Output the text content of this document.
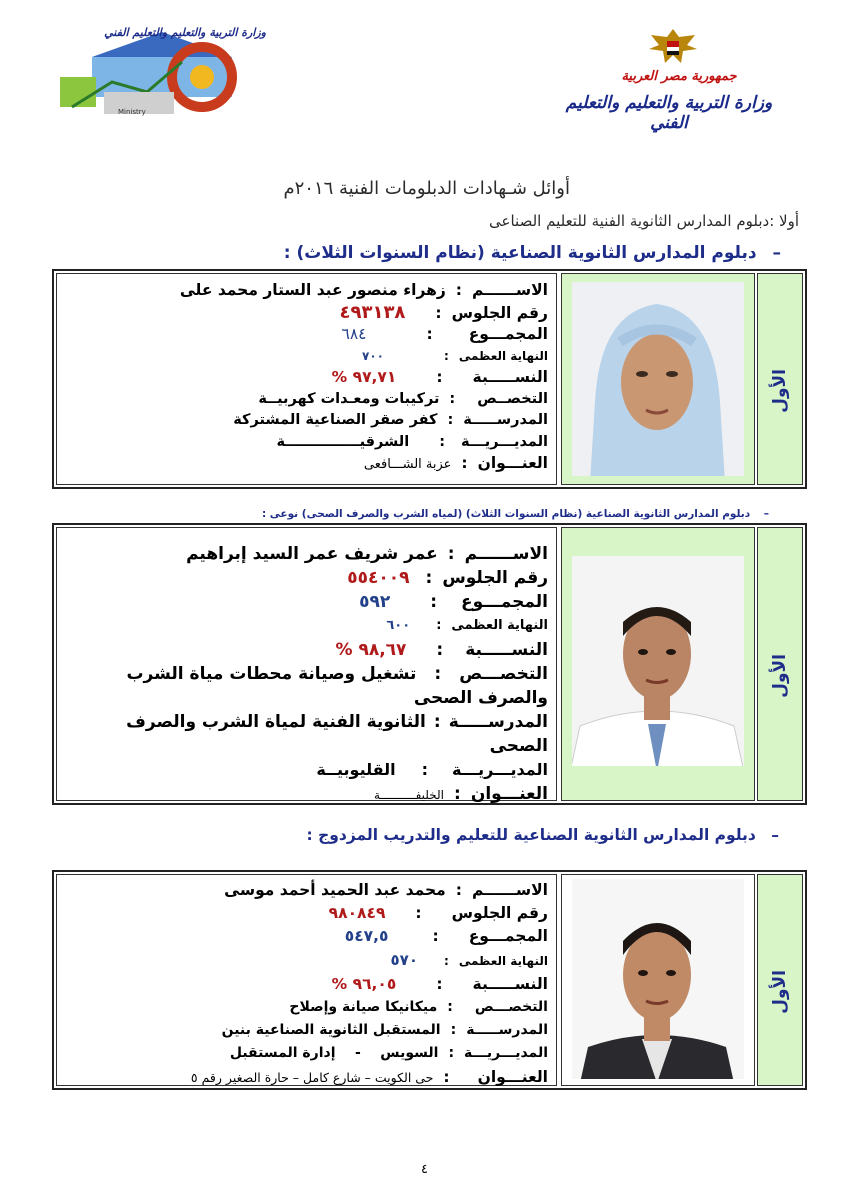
وزارة التربية والتعليم والتعليم الفني
Ministry
جمهورية مصر العربية
وزارة التربية والتعليم والتعليم الفني
أوائل شـهادات الدبلومات الفنية ٢٠١٦م
أولا :دبلوم المدارس الثانوية الفنية للتعليم الصناعى
– دبلوم المدارس الثانوية الصناعية (نظام السنوات الثلاث) :
الأول
الاســــــم
:
زهراء منصور عبد الستار محمد على
رقم الجلوس
:
٤٩٣١٣٨
المجمـــوع
:
٦٨٤
النهاية العظمى
:
٧٠٠
النســـــبة
:
٩٧,٧١ %
التخصــص
:
تركيبات ومعـدات كهربيــة
المدرســـــة
:
كفر صقر الصناعية المشتركة
المديـــريـــة
:
الشرقيـــــــــــــــة
العنـــوان
:
عزبة الشـــافعى
– دبلوم المدارس الثانوية الصناعية (نظام السنوات الثلاث) (لمياه الشرب والصرف الصحى) نوعى :
الأول
الاســــــم
:
عمر شريف عمر السيد إبراهيم
رقم الجلوس
:
٥٥٤٠٠٩
المجمـــوع
:
٥٩٢
النهاية العظمى
:
٦٠٠
النســـــبة
:
٩٨,٦٧ %
التخصـــص:تشغيل وصيانة محطات مياة الشرب والصرف الصحى
المدرســـــة:الثانوية الفنية لمياة الشرب والصرف الصحى
المديـــريـــة
:
القليوبيــة
العنـــوان
:
الخليفــــــــــة
– دبلوم المدارس الثانوية الصناعية للتعليم والتدريب المزدوج :
الأول
الاســــــم
:
محمد عبد الحميد أحمد موسى
رقم الجلوس
:
٩٨٠٨٤٩
المجمـــوع
:
٥٤٧,٥
النهاية العظمى
:
٥٧٠
النســـــبة
:
٩٦,٠٥ %
التخصـــص
:
ميكانيكا صيانة وإصلاح
المدرســـــة
:
المستقبل الثانوية الصناعية بنين
المديـــريـــة
:
السويس    -    إدارة المستقبل
العنـــوان
:
حى الكويت – شارع كامل – حارة الصغير رقم ٥
٤
